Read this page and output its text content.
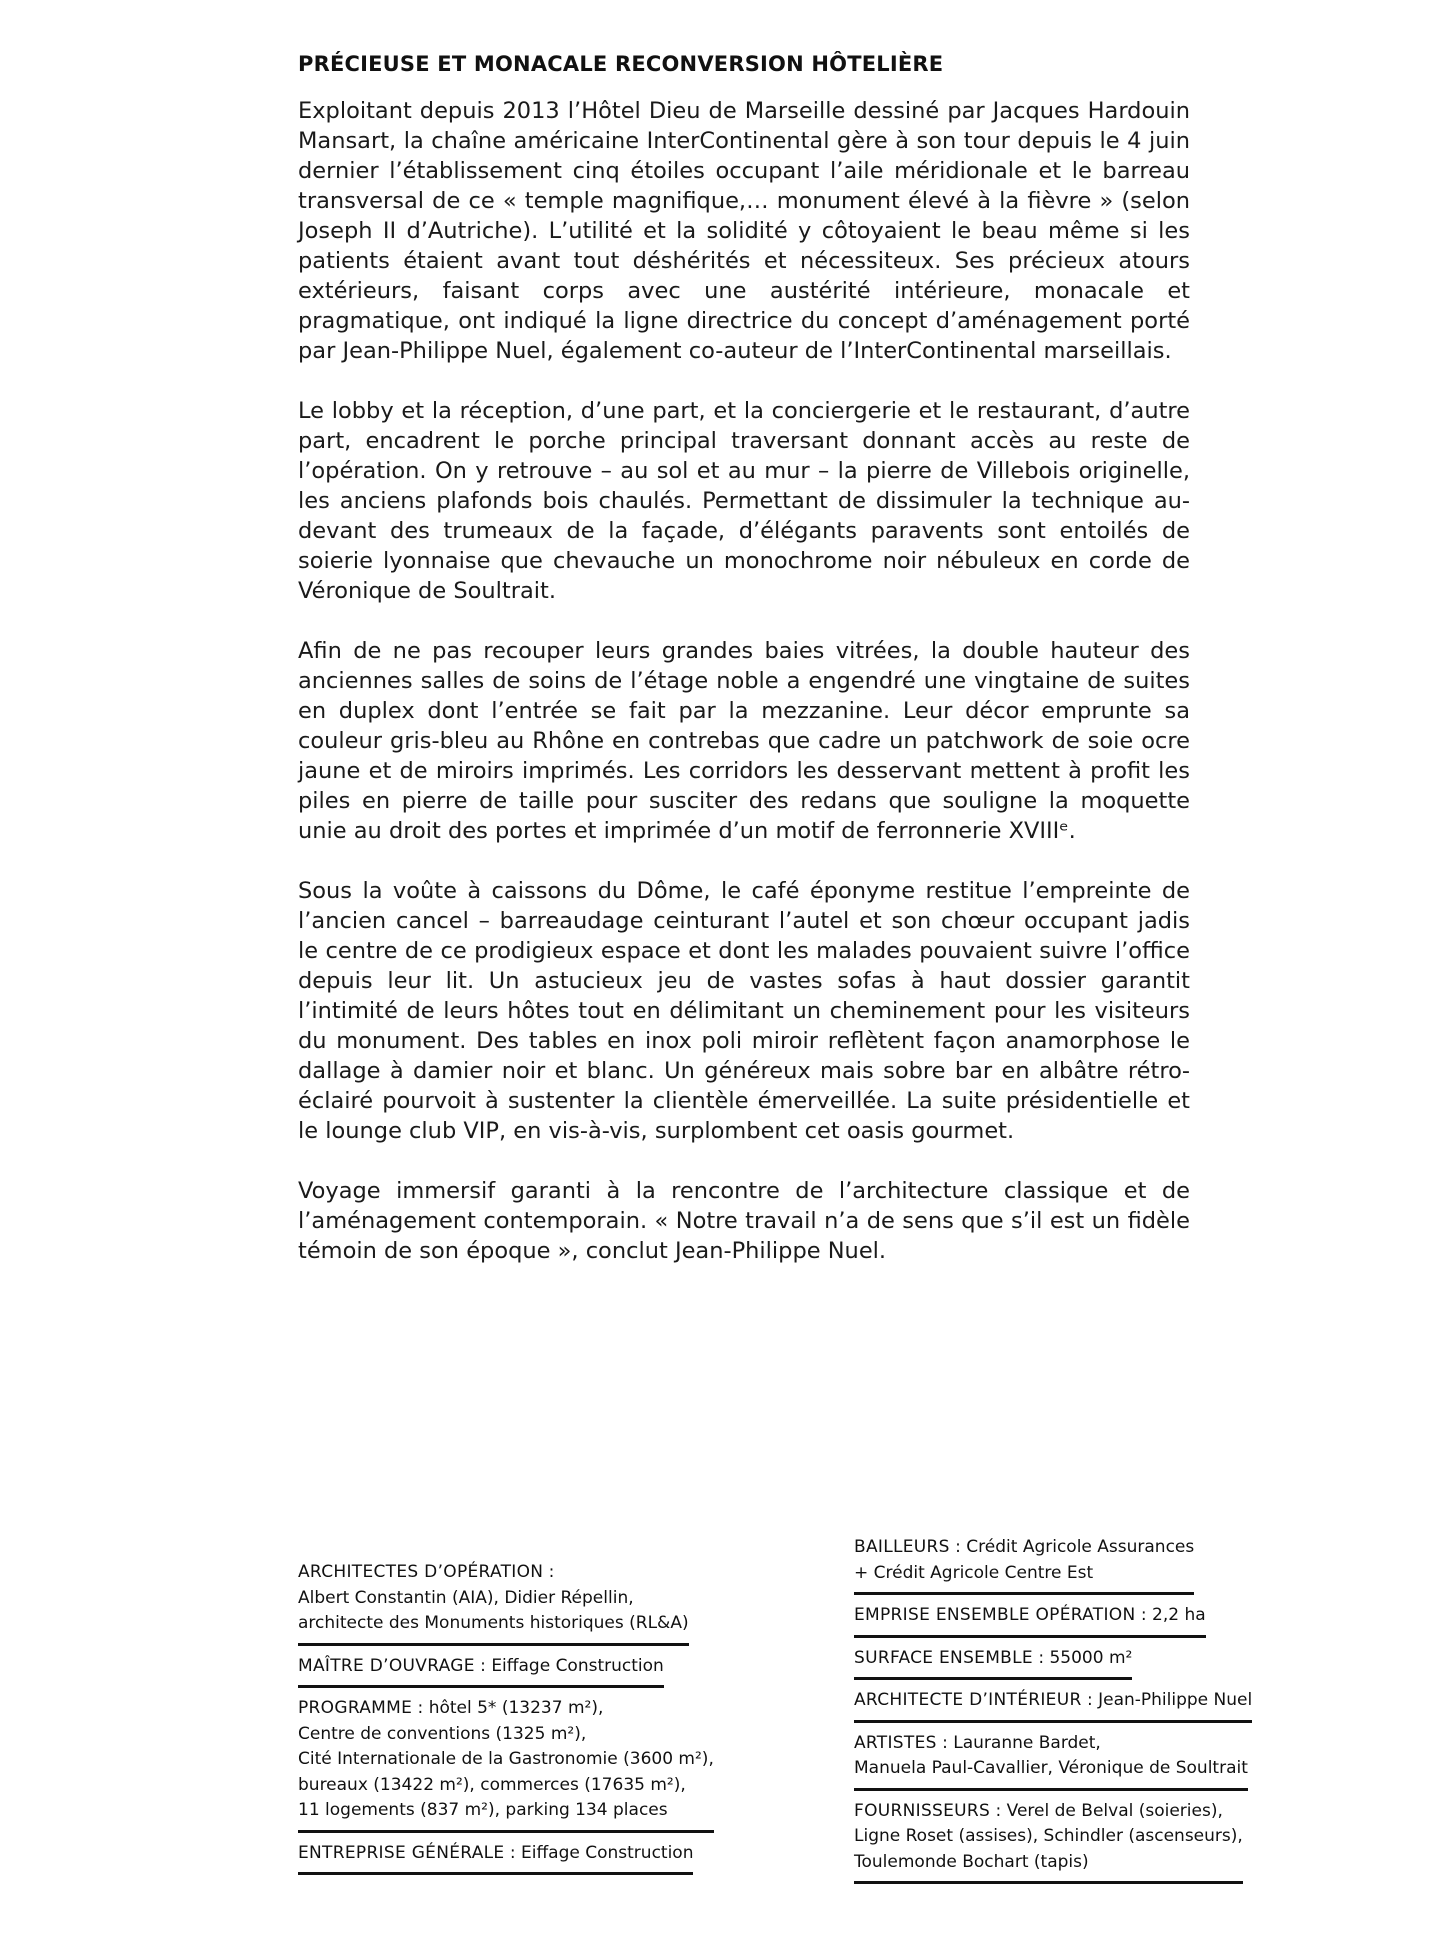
PRÉCIEUSE ET MONACALE RECONVERSION HÔTELIÈRE

Exploitant depuis 2013 l’Hôtel Dieu de Marseille dessiné par Jacques Hardouin Mansart, la chaîne américaine InterContinental gère à son tour depuis le 4 juin dernier l’établissement cinq étoiles occupant l’aile méridionale et le barreau transversal de ce « temple magnifique,… monument élevé à la fièvre » (selon Joseph II d’Autriche). L’utilité et la solidité y côtoyaient le beau même si les patients étaient avant tout déshérités et nécessiteux. Ses précieux atours extérieurs, faisant corps avec une austérité intérieure, monacale et pragmatique, ont indiqué la ligne directrice du concept d’aménagement porté par Jean-Philippe Nuel, également co-auteur de l’InterContinental marseillais.

Le lobby et la réception, d’une part, et la conciergerie et le restaurant, d’autre part, encadrent le porche principal traversant donnant accès au reste de l’opération. On y retrouve – au sol et au mur – la pierre de Villebois originelle, les anciens plafonds bois chaulés. Permettant de dissimuler la technique au-devant des trumeaux de la façade, d’élégants paravents sont entoilés de soierie lyonnaise que chevauche un monochrome noir nébuleux en corde de Véronique de Soultrait.

Afin de ne pas recouper leurs grandes baies vitrées, la double hauteur des anciennes salles de soins de l’étage noble a engendré une vingtaine de suites en duplex dont l’entrée se fait par la mezzanine. Leur décor emprunte sa couleur gris-bleu au Rhône en contrebas que cadre un patchwork de soie ocre jaune et de miroirs imprimés. Les corridors les desservant mettent à profit les piles en pierre de taille pour susciter des redans que souligne la moquette unie au droit des portes et imprimée d’un motif de ferronnerie XVIIIᵉ.

Sous la voûte à caissons du Dôme, le café éponyme restitue l’empreinte de l’ancien cancel – barreaudage ceinturant l’autel et son chœur occupant jadis le centre de ce prodigieux espace et dont les malades pouvaient suivre l’office depuis leur lit. Un astucieux jeu de vastes sofas à haut dossier garantit l’intimité de leurs hôtes tout en délimitant un cheminement pour les visiteurs du monument. Des tables en inox poli miroir reflètent façon anamorphose le dallage à damier noir et blanc. Un généreux mais sobre bar en albâtre rétroéclairé pourvoit à sustenter la clientèle émerveillée. La suite présidentielle et le lounge club VIP, en vis-à-vis, surplombent cet oasis gourmet.

Voyage immersif garanti à la rencontre de l’architecture classique et de l’aménagement contemporain. « Notre travail n’a de sens que s’il est un fidèle témoin de son époque », conclut Jean-Philippe Nuel.

ARCHITECTES D’OPÉRATION :
Albert Constantin (AIA), Didier Répellin,
architecte des Monuments historiques (RL&A)

MAÎTRE D’OUVRAGE : Eiffage Construction

PROGRAMME : hôtel 5* (13237 m²),
Centre de conventions (1325 m²),
Cité Internationale de la Gastronomie (3600 m²),
bureaux (13422 m²), commerces (17635 m²),
11 logements (837 m²), parking 134 places

ENTREPRISE GÉNÉRALE : Eiffage Construction
BAILLEURS : Crédit Agricole Assurances
+ Crédit Agricole Centre Est

EMPRISE ENSEMBLE OPÉRATION : 2,2 ha

SURFACE ENSEMBLE : 55000 m²

ARCHITECTE D’INTÉRIEUR : Jean-Philippe Nuel

ARTISTES : Lauranne Bardet,
Manuela Paul-Cavallier, Véronique de Soultrait

FOURNISSEURS : Verel de Belval (soieries),
Ligne Roset (assises), Schindler (ascenseurs),
Toulemonde Bochart (tapis)
